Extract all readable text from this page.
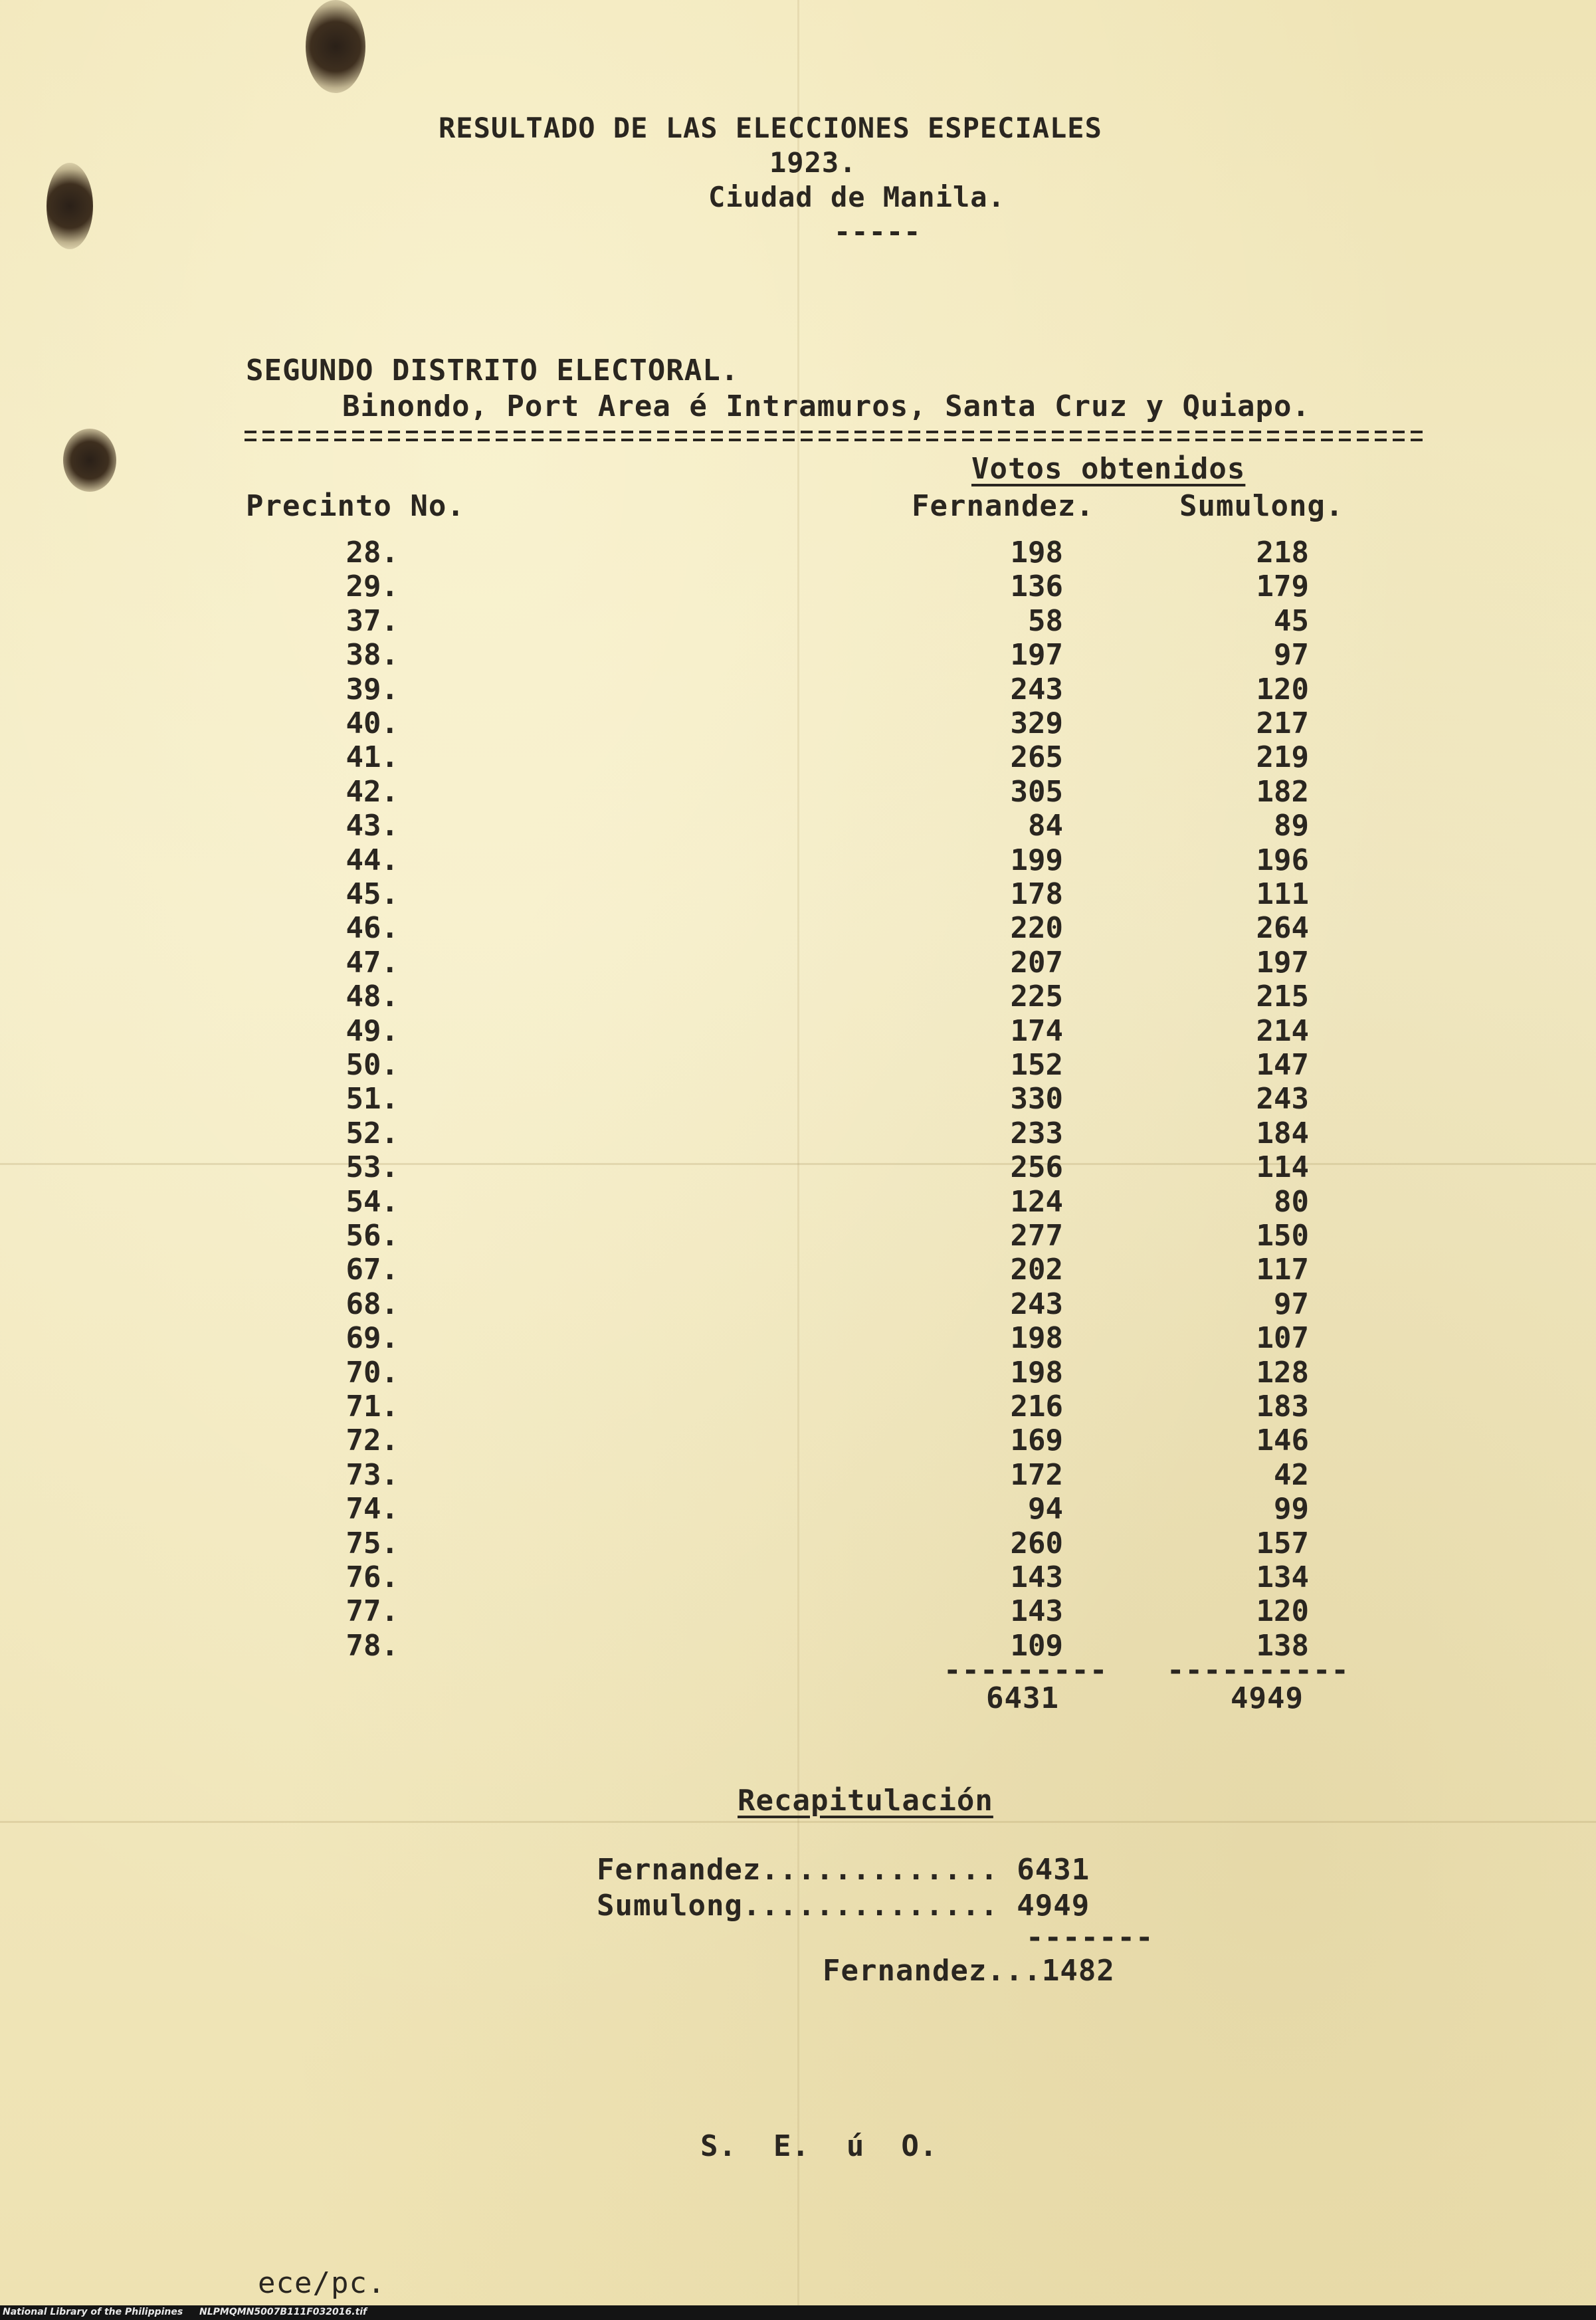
RESULTADO DE LAS ELECCIONES ESPECIALES
1923.
Ciudad de Manila.
-----
SEGUNDO DISTRITO ELECTORAL.
Binondo, Port Area é Intramuros, Santa Cruz y Quiapo.
Votos obtenidos
Precinto No.	Fernandez.	Sumulong.
28.	198	218
29.	136	179
37.	58	45
38.	197	97
39.	243	120
40.	329	217
41.	265	219
42.	305	182
43.	84	89
44.	199	196
45.	178	111
46.	220	264
47.	207	197
48.	225	215
49.	174	214
50.	152	147
51.	330	243
52.	233	184
53.	256	114
54.	124	80
56.	277	150
67.	202	117
68.	243	97
69.	198	107
70.	198	128
71.	216	183
72.	169	146
73.	172	42
74.	94	99
75.	260	157
76.	143	134
77.	143	120
78.	109	138
--------- ----------
6431	4949
Recapitulación
Fernandez............. 6431
Sumulong.............. 4949
-------
Fernandez...1482
S.  E.  ú  O.
ece/pc.
National Library of the Philippines NLPMQMN5007B111F032016.tif
